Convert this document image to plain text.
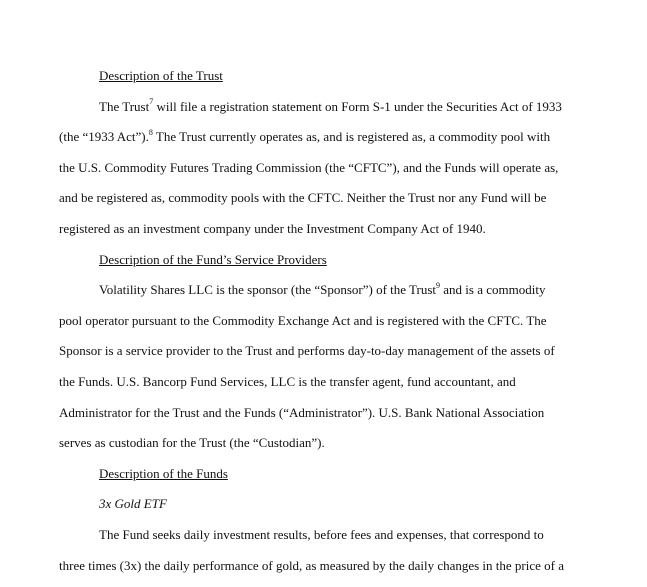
Description of the Trust
The Trust$^7$ will file a registration statement on Form S-1 under the Securities Act of 1933
(the “1933 Act”).$^8$ The Trust currently operates as, and is registered as, a commodity pool with
the U.S. Commodity Futures Trading Commission (the “CFTC”), and the Funds will operate as,
and be registered as, commodity pools with the CFTC. Neither the Trust nor any Fund will be
registered as an investment company under the Investment Company Act of 1940.
Description of the Fund’s Service Providers
Volatility Shares LLC is the sponsor (the “Sponsor”) of the Trust$^9$ and is a commodity
pool operator pursuant to the Commodity Exchange Act and is registered with the CFTC. The
Sponsor is a service provider to the Trust and performs day-to-day management of the assets of
the Funds. U.S. Bancorp Fund Services, LLC is the transfer agent, fund accountant, and
Administrator for the Trust and the Funds (“Administrator”). U.S. Bank National Association
serves as custodian for the Trust (the “Custodian”).
Description of the Funds
3x Gold ETF
The Fund seeks daily investment results, before fees and expenses, that correspond to
three times (3x) the daily performance of gold, as measured by the daily changes in the price of a
